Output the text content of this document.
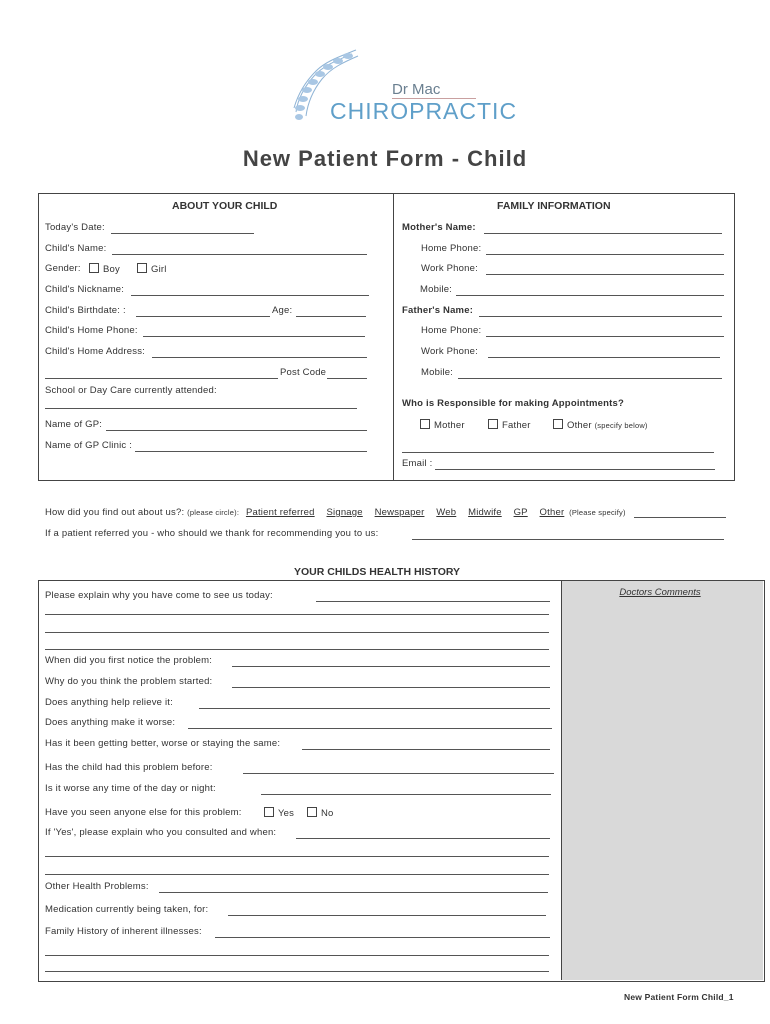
Dr Mac
CHIROPRACTIC
New Patient Form - Child
ABOUT YOUR CHILD	FAMILY INFORMATION
Today's Date:
Child's Name:
Gender:	Boy	Girl
Child's Nickname:
Child's Birthdate: :	Age:
Child's Home Phone:
Child's Home Address:
Post Code
School or Day Care currently attended:
Name of GP:
Name of GP Clinic :
Mother's Name:
Home Phone:
Work Phone:
Mobile:
Father's Name:
Home Phone:
Work Phone:
Mobile:
Who is Responsible for making Appointments?
Mother	Father	Other (specify below)
Email :
How did you find out about us?: (please circle): Patient referred Signage Newspaper Web Midwife GP Other (Please specify)
If a patient referred you - who should we thank for recommending you to us:
YOUR CHILDS HEALTH HISTORY
Doctors Comments
Please explain why you have come to see us today:
When did you first notice the problem:
Why do you think the problem started:
Does anything help relieve it:
Does anything make it worse:
Has it been getting better, worse or staying the same:
Has the child had this problem before:
Is it worse any time of the day or night:
Have you seen anyone else for this problem:	Yes	No
If 'Yes', please explain who you consulted and when:
Other Health Problems:
Medication currently being taken, for:
Family History of inherent illnesses:
New Patient Form Child_1
